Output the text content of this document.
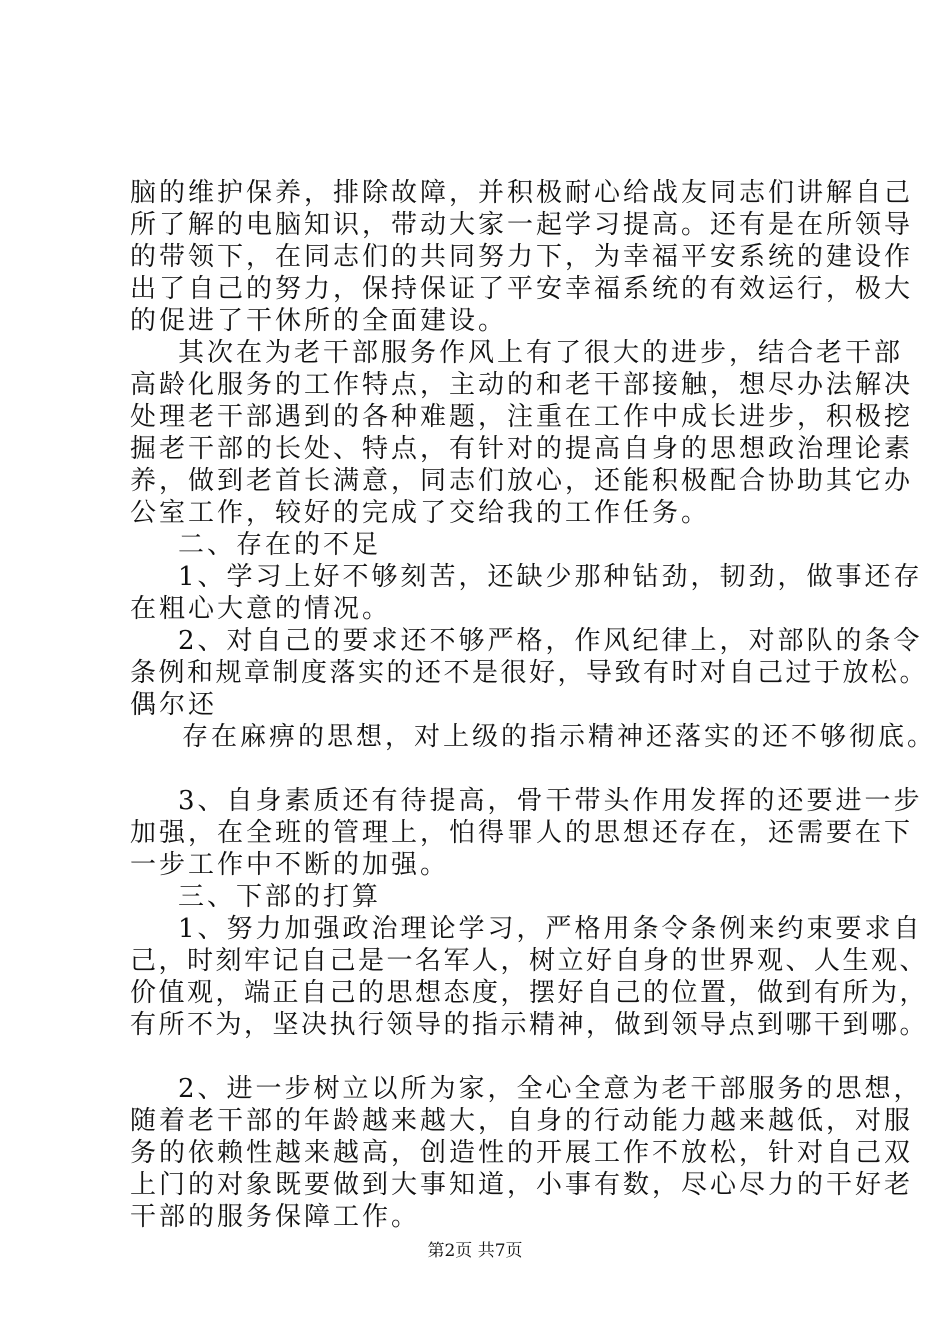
脑的维护保养，排除故障，并积极耐心给战友同志们讲解自己
所了解的电脑知识，带动大家一起学习提高。还有是在所领导
的带领下，在同志们的共同努力下，为幸福平安系统的建设作
出了自己的努力，保持保证了平安幸福系统的有效运行，极大
的促进了干休所的全面建设。
其次在为老干部服务作风上有了很大的进步，结合老干部
高龄化服务的工作特点，主动的和老干部接触，想尽办法解决
处理老干部遇到的各种难题，注重在工作中成长进步，积极挖
掘老干部的长处、特点，有针对的提高自身的思想政治理论素
养，做到老首长满意，同志们放心，还能积极配合协助其它办
公室工作，较好的完成了交给我的工作任务。
二、存在的不足
1、学习上好不够刻苦，还缺少那种钻劲，韧劲，做事还存
在粗心大意的情况。
2、对自己的要求还不够严格，作风纪律上，对部队的条令
条例和规章制度落实的还不是很好，导致有时对自己过于放松。
偶尔还
存在麻痹的思想，对上级的指示精神还落实的还不够彻底。
3、自身素质还有待提高，骨干带头作用发挥的还要进一步
加强，在全班的管理上，怕得罪人的思想还存在，还需要在下
一步工作中不断的加强。
三、下部的打算
1、努力加强政治理论学习，严格用条令条例来约束要求自
己，时刻牢记自己是一名军人，树立好自身的世界观、人生观、
价值观，端正自己的思想态度，摆好自己的位置，做到有所为，
有所不为，坚决执行领导的指示精神，做到领导点到哪干到哪。
2、进一步树立以所为家，全心全意为老干部服务的思想，
随着老干部的年龄越来越大，自身的行动能力越来越低，对服
务的依赖性越来越高，创造性的开展工作不放松，针对自己双
上门的对象既要做到大事知道，小事有数，尽心尽力的干好老
干部的服务保障工作。
第2页 共7页
